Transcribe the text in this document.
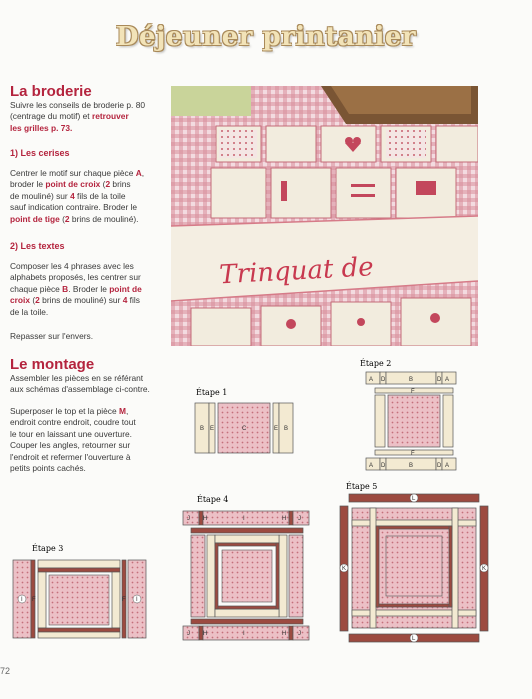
Déjeuner printanier
La broderie
Suivre les conseils de broderie p. 80
(centrage du motif) et retrouver
les grilles p. 73.
1) Les cerises
Centrer le motif sur chaque pièce A,
broder le point de croix (2 brins
de mouliné) sur 4 fils de la toile
sauf indication contraire. Broder le
point de tige (2 brins de mouliné).
2) Les textes
Composer les 4 phrases avec les
alphabets proposés, les centrer sur
chaque pièce B. Broder le point de
croix (2 brins de mouliné) sur 4 fils
de la toile.
Repasser sur l'envers.
Trinquat de
Le montage
Assembler les pièces en se référant
aux schémas d'assemblage ci-contre.
Superposer le top et la pièce M,
endroit contre endroit, coudre tout
le tour en laissant une ouverture.
Couper les angles, retourner sur
l'endroit et refermer l'ouverture à
petits points cachés.
Étape 2
A D	B	D A
F
F
A D	B	D A
Étape 1
B E	C	E B
Étape 5
L
K	K
L
Étape 4
J H	I	H J
J H	I	H J
Étape 3
I F	F I
72
